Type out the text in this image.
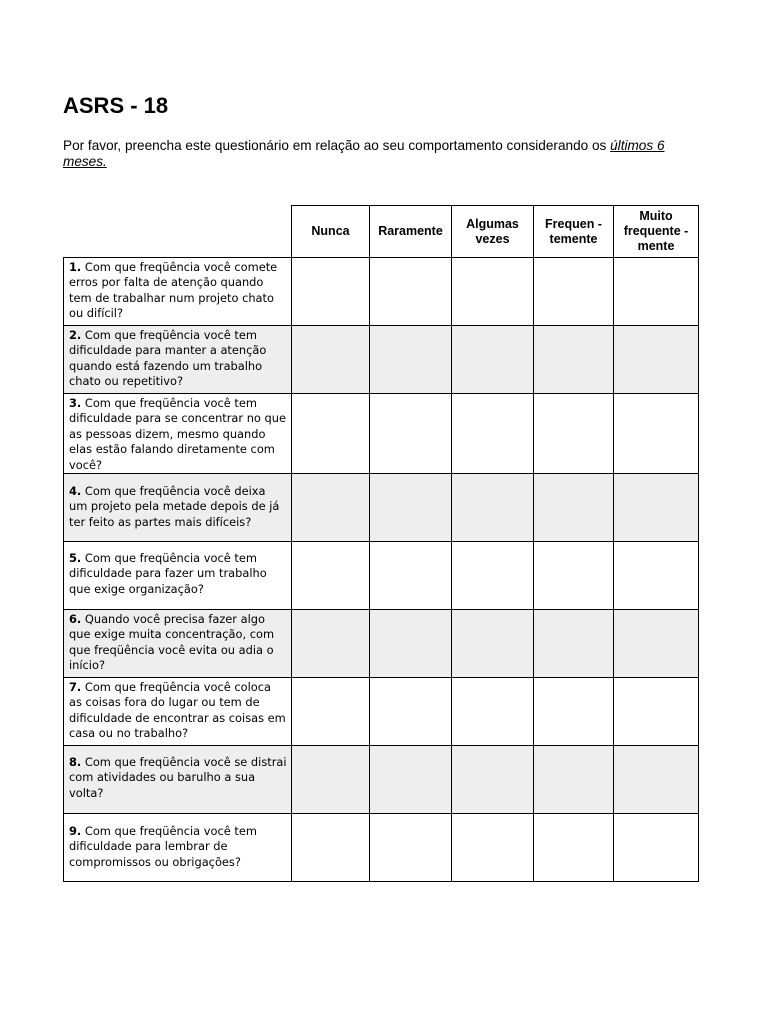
ASRS - 18
Por favor, preencha este questionário em relação ao seu comportamento considerando os últimos 6 meses.
	Nunca	Raramente	Algumas vezes	Frequen - temente	Muito frequente -mente
1. Com que freqüência você comete erros por falta de atenção quando tem de trabalhar num projeto chato ou difícil?					
2. Com que freqüência você tem dificuldade para manter a atenção quando está fazendo um trabalho chato ou repetitivo?					
3. Com que freqüência você tem dificuldade para se concentrar no que as pessoas dizem, mesmo quando elas estão falando diretamente com você?					
4. Com que freqüência você deixa um projeto pela metade depois de já ter feito as partes mais difíceis?					
5. Com que freqüência você tem dificuldade para fazer um trabalho que exige organização?					
6. Quando você precisa fazer algo que exige muita concentração, com que freqüência você evita ou adia o início?					
7. Com que freqüência você coloca as coisas fora do lugar ou tem de dificuldade de encontrar as coisas em casa ou no trabalho?					
8. Com que freqüência você se distrai com atividades ou barulho a sua volta?					
9. Com que freqüência você tem dificuldade para lembrar de compromissos ou obrigações?					
